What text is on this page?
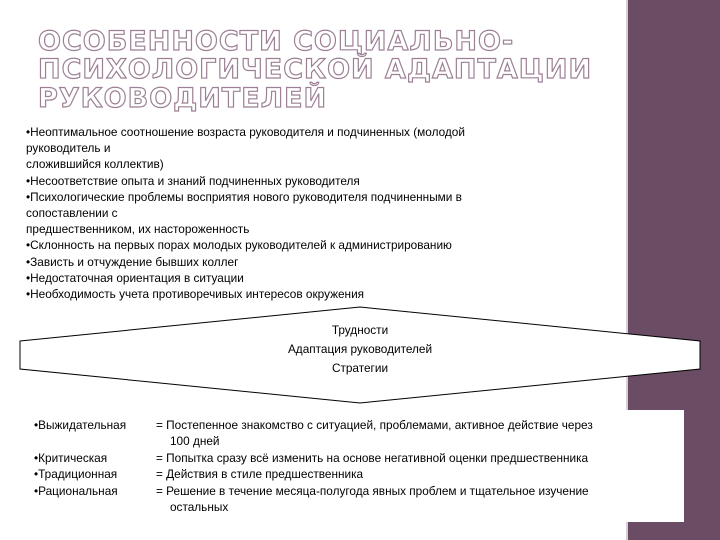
ОСОБЕННОСТИ СОЦИАЛЬНО-
ПСИХОЛОГИЧЕСКОЙ АДАПТАЦИИ
РУКОВОДИТЕЛЕЙ
•Неоптимальное соотношение возраста руководителя и подчиненных (молодой
руководитель и
сложившийся коллектив)
•Несоответствие опыта и знаний подчиненных руководителя
•Психологические проблемы восприятия нового руководителя подчиненными в
сопоставлении с
предшественником, их настороженность
•Склонность на первых порах молодых руководителей к администрированию
•Зависть и отчуждение бывших коллег
•Недостаточная ориентация в ситуации
•Необходимость учета противоречивых интересов окружения
Трудности
Адаптация руководителей
Стратегии
•Выжидательная	= Постепенное знакомство с ситуацией, проблемами, активное действие через
100 дней
•Критическая	= Попытка сразу всё изменить на основе негативной оценки предшественника
•Традиционная	= Действия в стиле предшественника
•Рациональная	= Решение в течение месяца-полугода явных проблем и тщательное изучение
остальных
